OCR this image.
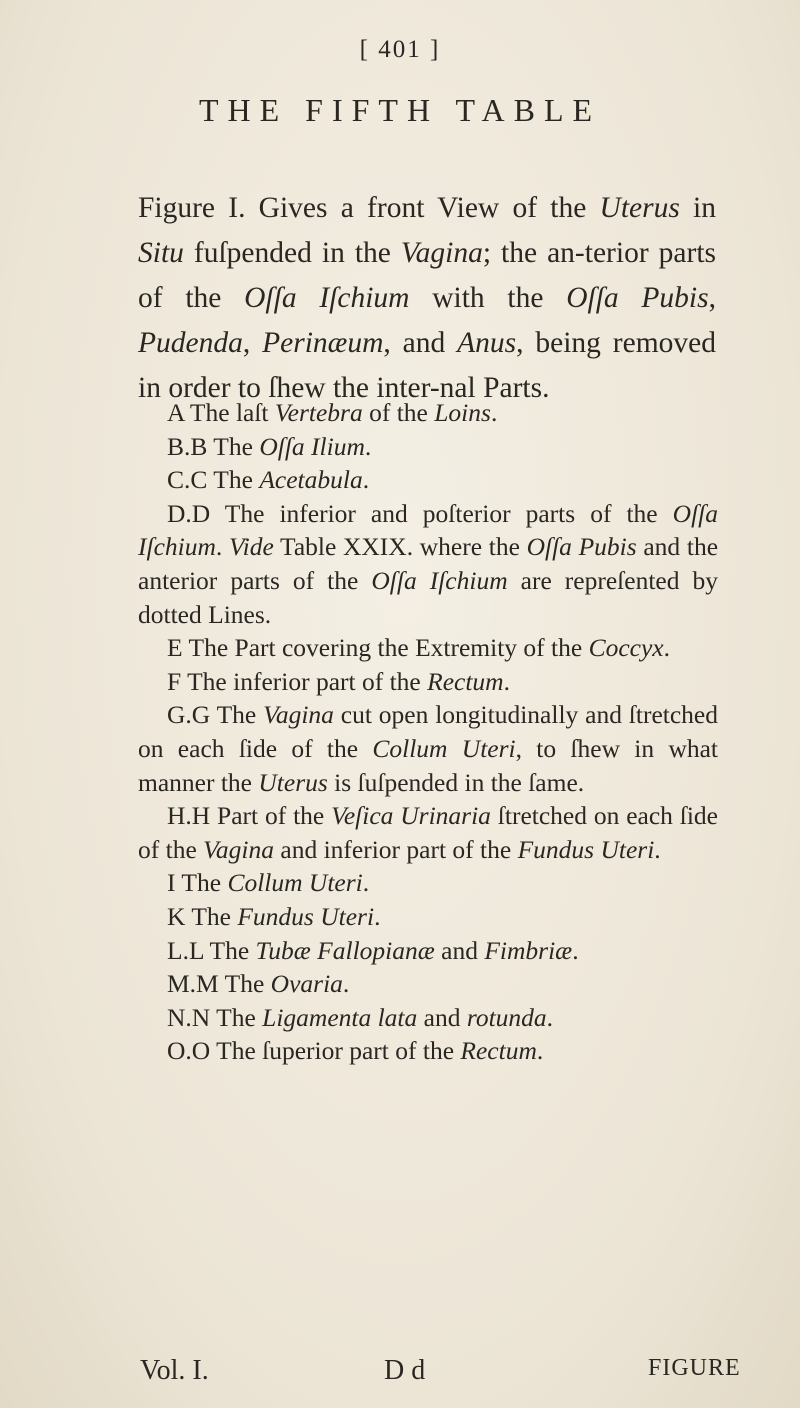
[ 401 ]
THE FIFTH TABLE

Figure I. Gives a front View of the Uterus in Situ fuſpended in the Vagina; the an-terior parts of the Oſſa Iſchium with the Oſſa Pubis, Pudenda, Perinæum, and Anus, being removed in order to ſhew the inter-nal Parts.

A The laſt Vertebra of the Loins.

B.B The Oſſa Ilium.

C.C The Acetabula.

D.D The inferior and poſterior parts of the Oſſa Iſchium. Vide Table XXIX. where the Oſſa Pubis and the anterior parts of the Oſſa Iſchium are repreſented by dotted Lines.

E The Part covering the Extremity of the Coccyx.

F The inferior part of the Rectum.

G.G The Vagina cut open longitudinally and ſtretched on each ſide of the Collum Uteri, to ſhew in what manner the Uterus is ſuſpended in the ſame.

H.H Part of the Veſica Urinaria ſtretched on each ſide of the Vagina and inferior part of the Fundus Uteri.

I The Collum Uteri.

K The Fundus Uteri.

L.L The Tubæ Fallopianæ and Fimbriæ.

M.M The Ovaria.

N.N The Ligamenta lata and rotunda.

O.O The ſuperior part of the Rectum.

Vol. I.	D d	FIGURE
